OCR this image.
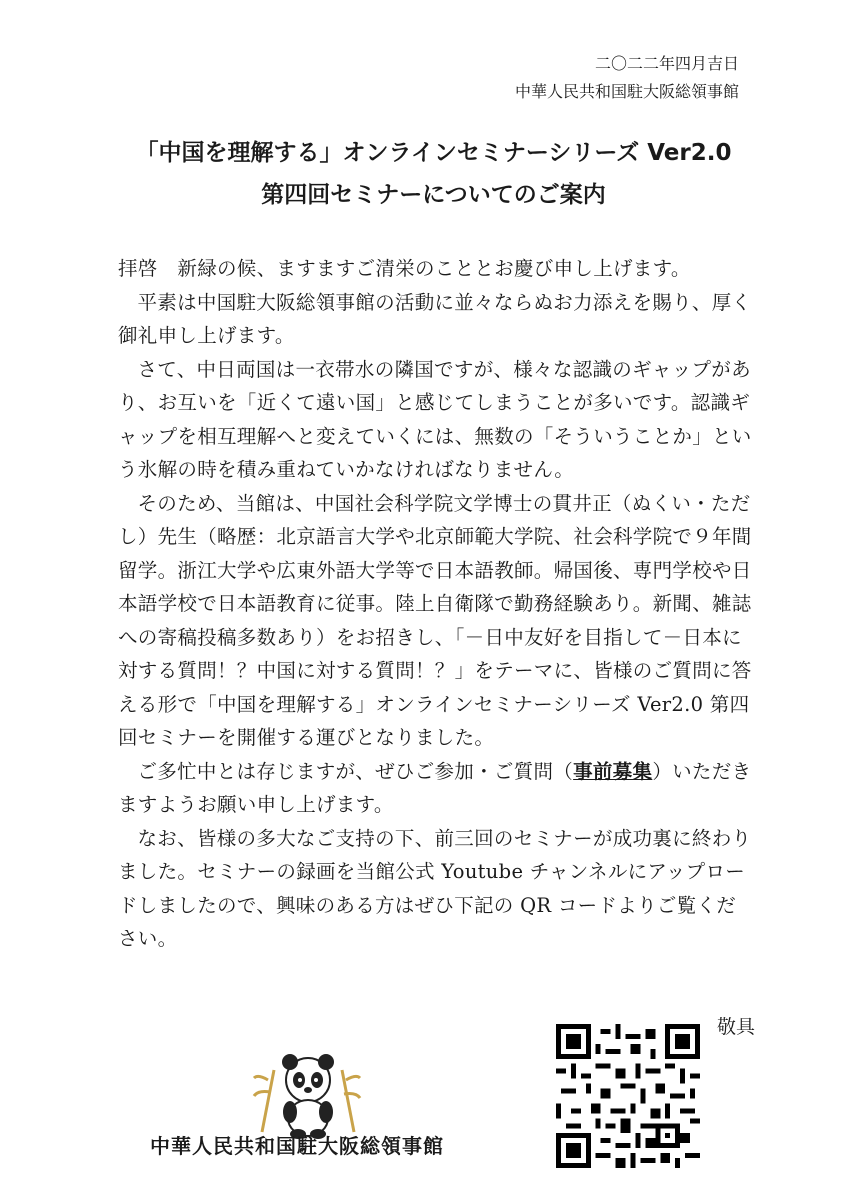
二〇二二年四月吉日
中華人民共和国駐大阪総領事館
「中国を理解する」オンラインセミナーシリーズ Ver2.0
第四回セミナーについてのご案内

拝啓　新緑の候、ますますご清栄のこととお慶び申し上げます。

平素は中国駐大阪総領事館の活動に並々ならぬお力添えを賜り、厚く御礼申し上げます。

さて、中日両国は一衣帯水の隣国ですが、様々な認識のギャップがあり、お互いを「近くて遠い国」と感じてしまうことが多いです。認識ギャップを相互理解へと変えていくには、無数の「そういうことか」という氷解の時を積み重ねていかなければなりません。

そのため、当館は、中国社会科学院文学博士の貫井正（ぬくい・ただし）先生（略歴：北京語言大学や北京師範大学院、社会科学院で９年間留学。浙江大学や広東外語大学等で日本語教師。帰国後、専門学校や日本語学校で日本語教育に従事。陸上自衛隊で勤務経験あり。新聞、雑誌への寄稿投稿多数あり）をお招きし、「－日中友好を目指して－日本に対する質問！？中国に対する質問！？」をテーマに、皆様のご質問に答える形で「中国を理解する」オンラインセミナーシリーズ Ver2.0 第四回セミナーを開催する運びとなりました。

ご多忙中とは存じますが、ぜひご参加・ご質問（事前募集）いただきますようお願い申し上げます。

なお、皆様の多大なご支持の下、前三回のセミナーが成功裏に終わりました。セミナーの録画を当館公式 Youtube チャンネルにアップロードしましたので、興味のある方はぜひ下記の QR コードよりご覧ください。

敬具
中華人民共和国駐大阪総領事館
